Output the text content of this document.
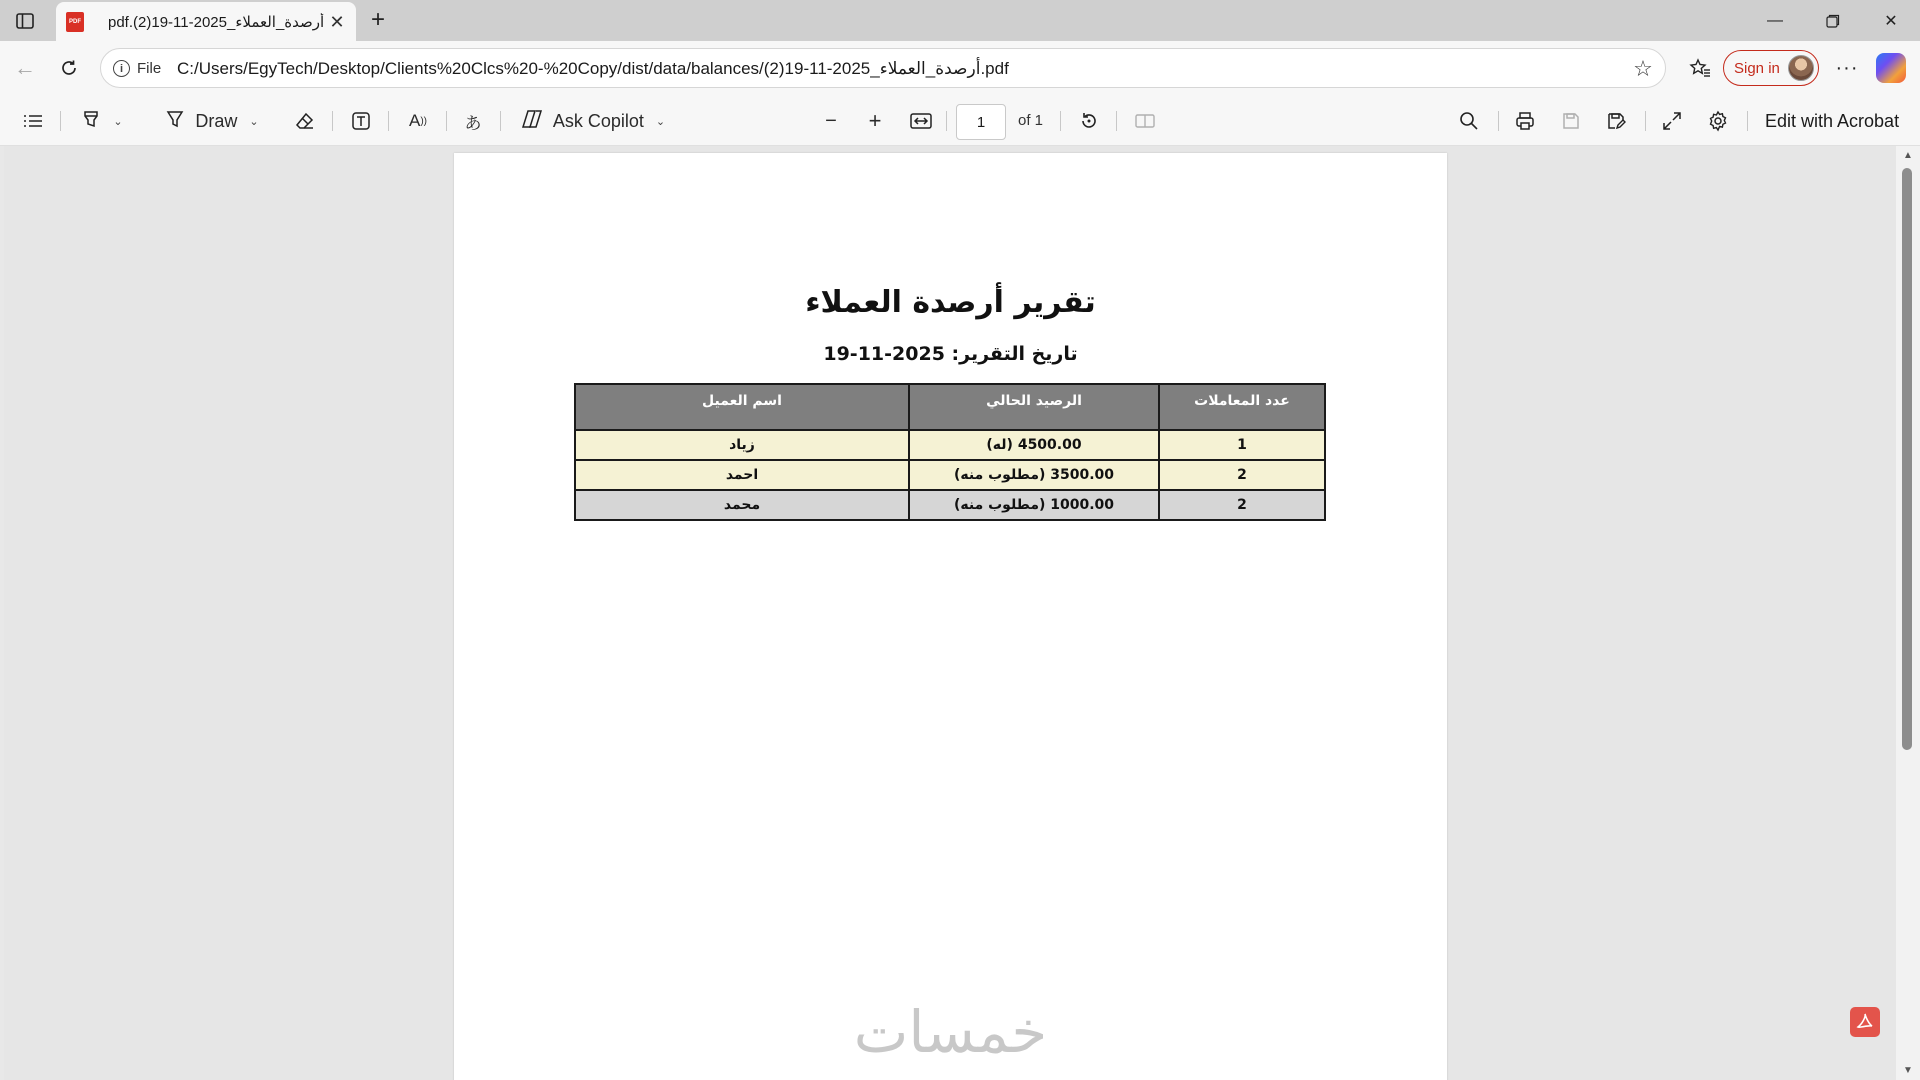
PDF pdf.(2)19-11-2025_أرصدة_العملاء ✕ +	—	✕
←	i File C:/Users/EgyTech/Desktop/Clients%20Clcs%20-%20Copy/dist/data/balances/(2)19-11-2025_أرصدة_العملاء.pdf	☆	Sign in	···
⌄	Draw ⌄	A ))	あ	Ask Copilot ⌄	−	+	1	of 1	Edit with Acrobat
تقرير أرصدة العملاء
تاريخ التقرير: 2025-11-19
عدد المعاملات	الرصيد الحالي	اسم العميل
1	4500.00 (له)	زياد
2	3500.00 (مطلوب منه)	احمد
2	1000.00 (مطلوب منه)	محمد
خمسات
▲
▼
